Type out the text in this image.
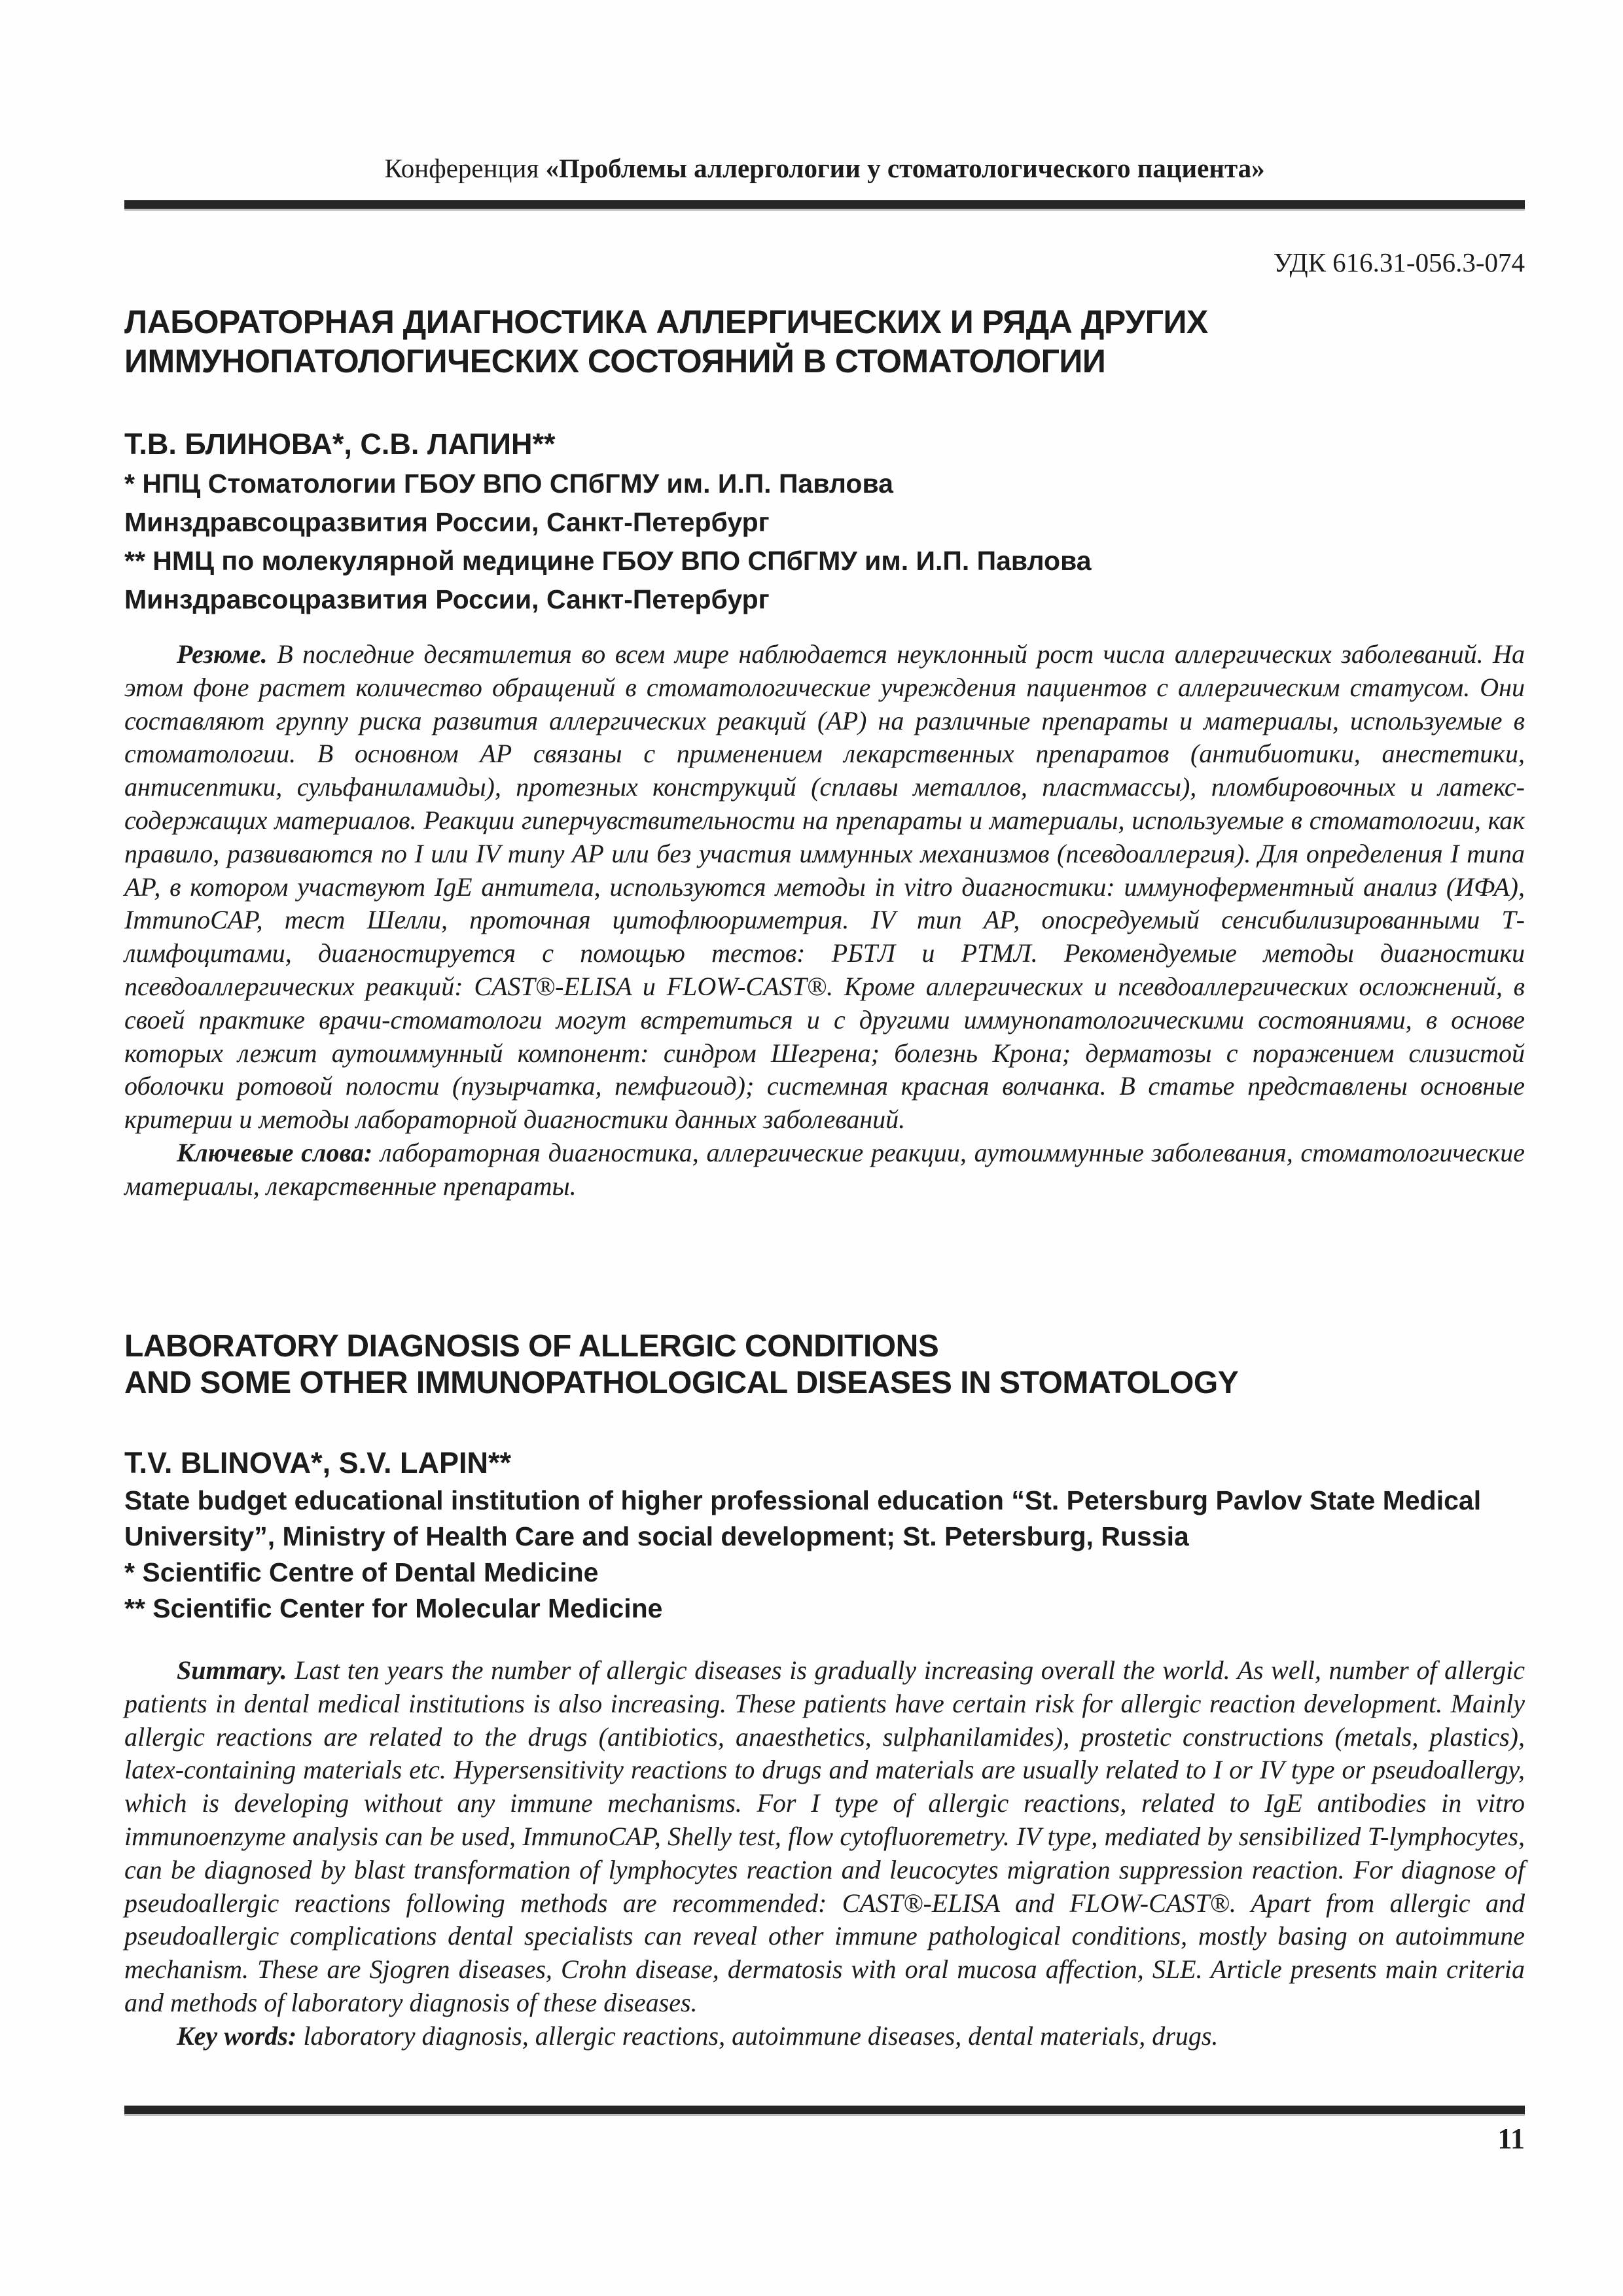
Конференция «Проблемы аллергологии у стоматологического пациента»
УДК 616.31-056.3-074
ЛАБОРАТОРНАЯ ДИАГНОСТИКА АЛЛЕРГИЧЕСКИХ И РЯДА ДРУГИХ
ИММУНОПАТОЛОГИЧЕСКИХ СОСТОЯНИЙ В СТОМАТОЛОГИИ
Т.В. БЛИНОВА*, С.В. ЛАПИН**
* НПЦ Стоматологии ГБОУ ВПО СПбГМУ им. И.П. Павлова
Минздравсоцразвития России, Санкт-Петербург
** НМЦ по молекулярной медицине ГБОУ ВПО СПбГМУ им. И.П. Павлова
Минздравсоцразвития России, Санкт-Петербург

Резюме. В последние десятилетия во всем мире наблюдается неуклонный рост числа аллергических заболеваний. На этом фоне растет количество обращений в стоматологические учреждения пациентов с аллергическим статусом. Они составляют группу риска развития аллергических реакций (АР) на различные препараты и материалы, используемые в стоматологии. В основном АР связаны с применением лекарственных препаратов (антибиотики, анестетики, антисептики, сульфаниламиды), протезных конструкций (сплавы металлов, пластмассы), пломбировочных и латекс-содержащих материалов. Реакции гиперчувствительности на препараты и материалы, используемые в стоматологии, как правило, развиваются по I или IV типу АР или без участия иммунных механизмов (псевдоаллергия). Для определения I типа АР, в котором участвуют IgE антитела, используются методы in vitro диагностики: иммуноферментный анализ (ИФА), ImmunoCAP, тест Шелли, проточная цитофлюориметрия. IV тип АР, опосредуемый сенсибилизированными Т-лимфоцитами, диагностируется с помощью тестов: РБТЛ и РТМЛ. Рекомендуемые методы диагностики псевдоаллергических реакций: CAST®-ELISA и FLOW-CAST®. Кроме аллергических и псевдоаллергических осложнений, в своей практике врачи-стоматологи могут встретиться и с другими иммунопатологическими состояниями, в основе которых лежит аутоиммунный компонент: синдром Шегрена; болезнь Крона; дерматозы с поражением слизистой оболочки ротовой полости (пузырчатка, пемфигоид); системная красная волчанка. В статье представлены основные критерии и методы лабораторной диагностики данных заболеваний.

Ключевые слова: лабораторная диагностика, аллергические реакции, аутоиммунные заболевания, стоматологические материалы, лекарственные препараты.

LABORATORY DIAGNOSIS OF ALLERGIC CONDITIONS
AND SOME OTHER IMMUNOPATHOLOGICAL DISEASES IN STOMATOLOGY
T.V. BLINOVA*, S.V. LAPIN**

State budget educational institution of higher professional education “St. Petersburg Pavlov State Medical University”, Ministry of Health Care and social development; St. Petersburg, Russia

* Scientific Centre of Dental Medicine

** Scientific Center for Molecular Medicine

Summary. Last ten years the number of allergic diseases is gradually increasing overall the world. As well, number of allergic patients in dental medical institutions is also increasing. These patients have certain risk for allergic reaction development. Mainly allergic reactions are related to the drugs (antibiotics, anaesthetics, sulphanilamides), prostetic constructions (metals, plastics), latex-containing materials etc. Hypersensitivity reactions to drugs and materials are usually related to I or IV type or pseudoallergy, which is developing without any immune mechanisms. For I type of allergic reactions, related to IgE antibodies in vitro immunoenzyme analysis can be used, ImmunoCAP, Shelly test, flow cytofluoremetry. IV type, mediated by sensibilized T-lymphocytes, can be diagnosed by blast transformation of lymphocytes reaction and leucocytes migration suppression reaction. For diagnose of pseudoallergic reactions following methods are recommended: CAST®-ELISA and FLOW-CAST®. Apart from allergic and pseudoallergic complications dental specialists can reveal other immune pathological conditions, mostly basing on autoimmune mechanism. These are Sjogren diseases, Crohn disease, dermatosis with oral mucosa affection, SLE. Article presents main criteria and methods of laboratory diagnosis of these diseases.

Key words: laboratory diagnosis, allergic reactions, autoimmune diseases, dental materials, drugs.

11
